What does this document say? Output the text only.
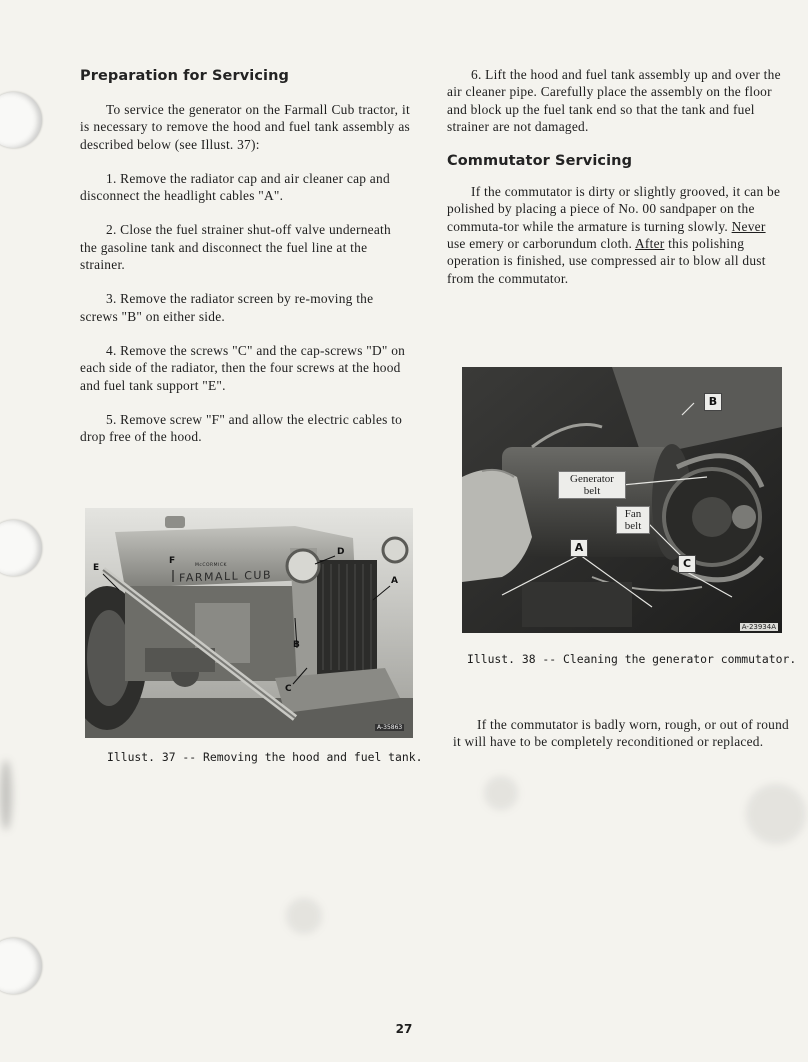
Preparation for Servicing

To service the generator on the Farmall Cub tractor, it is necessary to remove the hood and fuel tank assembly as described below (see Illust. 37):

1. Remove the radiator cap and air cleaner cap and disconnect the headlight cables "A".

2. Close the fuel strainer shut-off valve underneath the gasoline tank and disconnect the fuel line at the strainer.

3. Remove the radiator screen by re-moving the screws "B" on either side.

4. Remove the screws "C" and the cap-screws "D" on each side of the radiator, then the four screws at the hood and fuel tank support "E".

5. Remove screw "F" and allow the electric cables to drop free of the hood.

6. Lift the hood and fuel tank assembly up and over the air cleaner pipe. Carefully place the assembly on the floor and block up the fuel tank end so that the tank and fuel strainer are not damaged.

Commutator Servicing

If the commutator is dirty or slightly grooved, it can be polished by placing a piece of No. 00 sandpaper on the commuta-tor while the armature is turning slowly. Never use emery or carborundum cloth. After this polishing operation is finished, use compressed air to blow all dust from the commutator.

McCORMICK
FARMALL CUB
D
A
B
C
E
F
A-35863

Illust. 37 -- Removing the hood and fuel tank.

Generator
belt
Fan
belt
A
B
C
A-23934A

Illust. 38 -- Cleaning the generator commutator.

If the commutator is badly worn, rough, or out of round it will have to be completely reconditioned or replaced.

27
